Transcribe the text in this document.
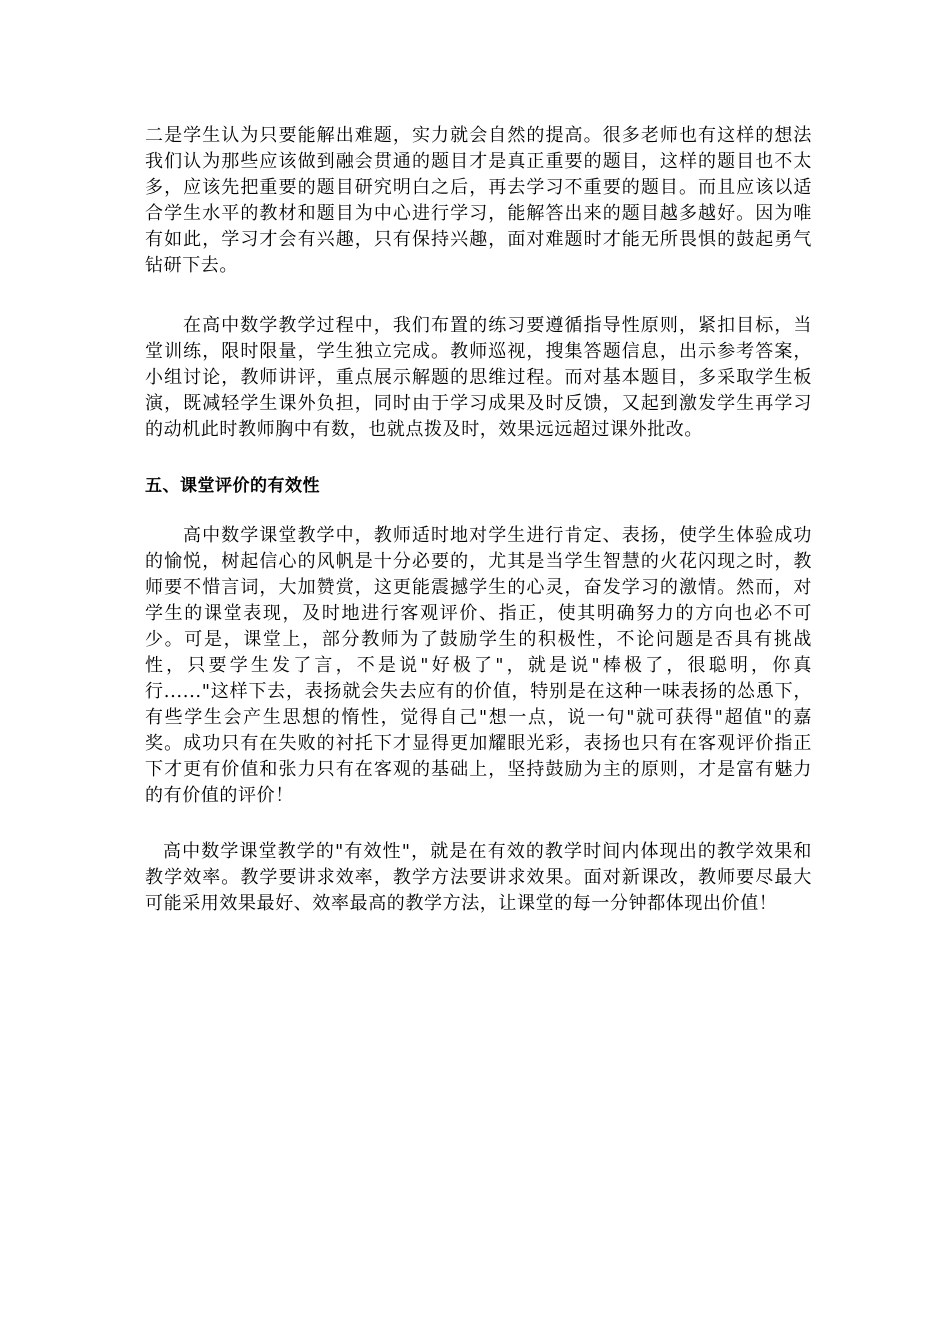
二是学生认为只要能解出难题，实力就会自然的提高。很多老师也有这样的想法我们认为那些应该做到融会贯通的题目才是真正重要的题目，这样的题目也不太多，应该先把重要的题目研究明白之后，再去学习不重要的题目。而且应该以适合学生水平的教材和题目为中心进行学习，能解答出来的题目越多越好。因为唯有如此，学习才会有兴趣，只有保持兴趣，面对难题时才能无所畏惧的鼓起勇气钻研下去。

在高中数学教学过程中，我们布置的练习要遵循指导性原则，紧扣目标，当堂训练，限时限量，学生独立完成。教师巡视，搜集答题信息，出示参考答案，小组讨论，教师讲评，重点展示解题的思维过程。而对基本题目，多采取学生板演，既减轻学生课外负担，同时由于学习成果及时反馈，又起到激发学生再学习的动机此时教师胸中有数，也就点拨及时，效果远远超过课外批改。

五、课堂评价的有效性

高中数学课堂教学中，教师适时地对学生进行肯定、表扬，使学生体验成功的愉悦，树起信心的风帆是十分必要的，尤其是当学生智慧的火花闪现之时，教师要不惜言词，大加赞赏，这更能震撼学生的心灵，奋发学习的激情。然而，对学生的课堂表现，及时地进行客观评价、指正，使其明确努力的方向也必不可少。可是，课堂上，部分教师为了鼓励学生的积极性，不论问题是否具有挑战性，只要学生发了言，不是说"好极了"，就是说"棒极了，很聪明，你真行......"这样下去，表扬就会失去应有的价值，特别是在这种一味表扬的怂恿下，有些学生会产生思想的惰性，觉得自己"想一点，说一句"就可获得"超值"的嘉奖。成功只有在失败的衬托下才显得更加耀眼光彩，表扬也只有在客观评价指正下才更有价值和张力只有在客观的基础上，坚持鼓励为主的原则，才是富有魅力的有价值的评价！

高中数学课堂教学的"有效性"，就是在有效的教学时间内体现出的教学效果和教学效率。教学要讲求效率，教学方法要讲求效果。面对新课改，教师要尽最大可能采用效果最好、效率最高的教学方法，让课堂的每一分钟都体现出价值！
